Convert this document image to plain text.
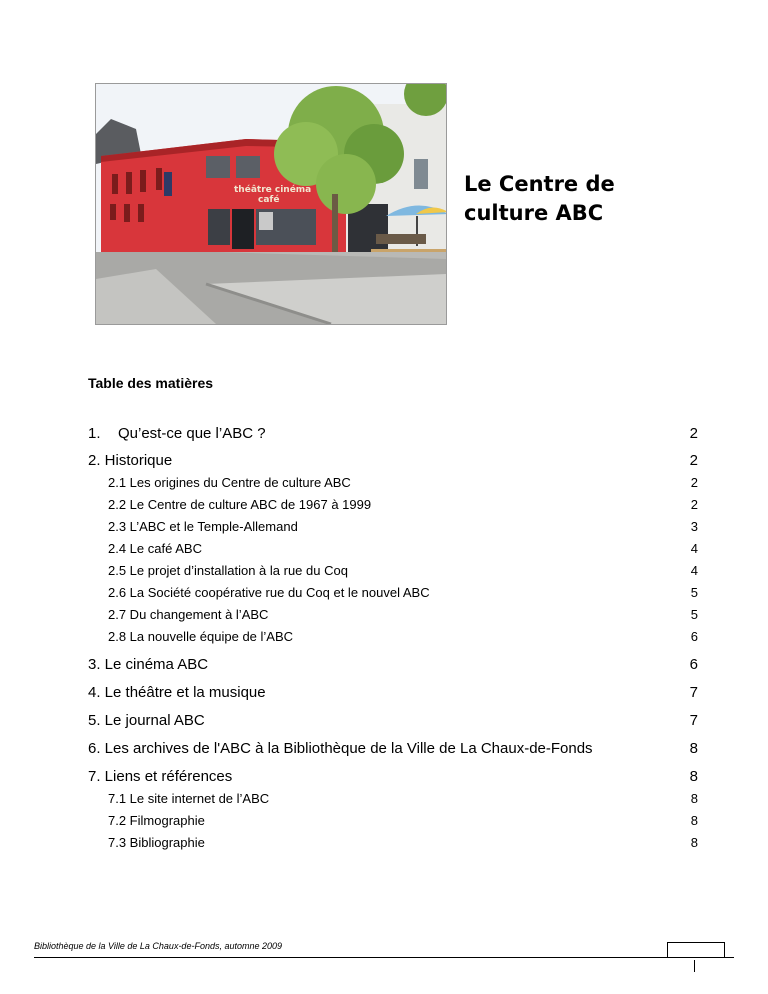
théâtre cinéma
café
Le Centre de
culture ABC
Table des matières
1. Qu’est-ce que l’ABC ?	2
2. Historique	2
2.1 Les origines du Centre de culture ABC	2
2.2 Le Centre de culture ABC de 1967 à 1999	2
2.3 L’ABC et le Temple-Allemand	3
2.4 Le café ABC	4
2.5 Le projet d’installation à la rue du Coq	4
2.6 La Société coopérative rue du Coq et le nouvel ABC	5
2.7 Du changement à l’ABC	5
2.8 La nouvelle équipe de l’ABC	6
3. Le cinéma ABC	6
4. Le théâtre et la musique	7
5. Le journal ABC	7
6. Les archives de l'ABC à la Bibliothèque de la Ville de La Chaux-de-Fonds	8
7. Liens et références	8
7.1 Le site internet de l’ABC	8
7.2 Filmographie	8
7.3 Bibliographie	8
Bibliothèque de la Ville de La Chaux-de-Fonds, automne 2009
